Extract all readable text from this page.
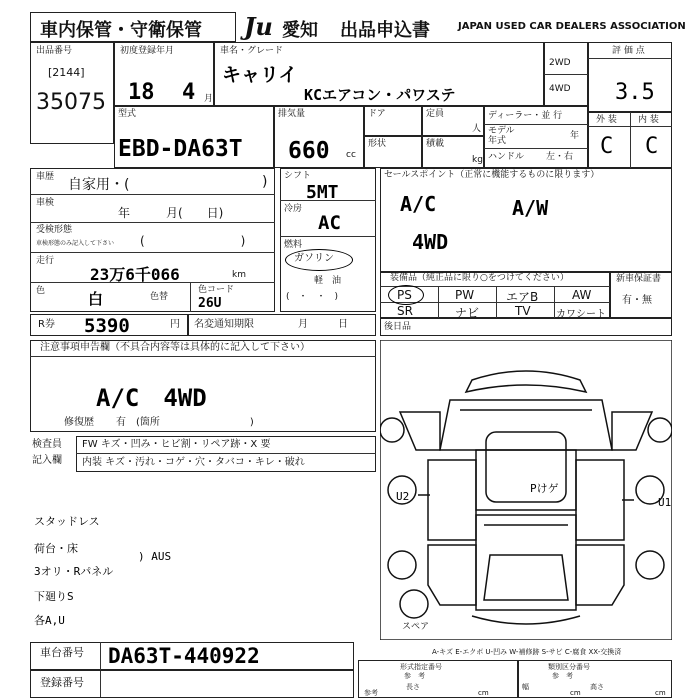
車内保管・守衛保管 Ju 愛知 出品申込書	JAPAN USED CAR DEALERS ASSOCIATION
出品番号
[2144]
35075
初度登録年月
18 4 月
車名・グレード
キャリイ
KCエアコン・パワステ
2WD
4WD
評 価 点
3.5
型式
EBD-DA63T
排気量
660 cc
ドア	定員
人
形状	積載
kg
ディーラー・並 行
モデル
年式	年
ハンドル 左・右
外 装 内 装
C C
車歴 自家用・(	)
車検
年　　　月(　　日)
受検形態
車検形態のみ記入して下さい (　　　　　　　　)
走行
23万6千066	km
色	白	色替
色コード
26U
シフト
5MT
冷房
AC
燃料
ガソリン
軽　油
(　・　・　)
セールスポイント（正常に機能するものに限ります）
A/C	A/W
4WD
装備品（純正品に限り○をつけてください）
PS	PW	エアB	AW
SR	ナビ	TV	カワシート
新車保証書
有・無
R券 5390	円 名変通知期限	月　　　日	後日品
注意事項申告欄（不具合内容等は具体的に記入して下さい）
A/C　4WD
修復歴 有　(箇所　　　　　　　　　)
検査員
記入欄
FW キズ・凹み・ヒビ割・リペア跡・X 要
内装 キズ・汚れ・コゲ・穴・タバコ・キレ・破れ
スタッドレス
荷台・床
3オリ・Rパネル
下廻りS
各A,U
) AUS
U2	U1
Pけゲ
スペア
A-キズ E-エクボ U-凹み W-補修跡 S-サビ C-腐食 XX-交換済
車台番号 DA63T-440922
登録番号
形式指定番号
参　考
参考
長さ
cm
類別区分番号
参　考
幅
cm
高さ
cm
